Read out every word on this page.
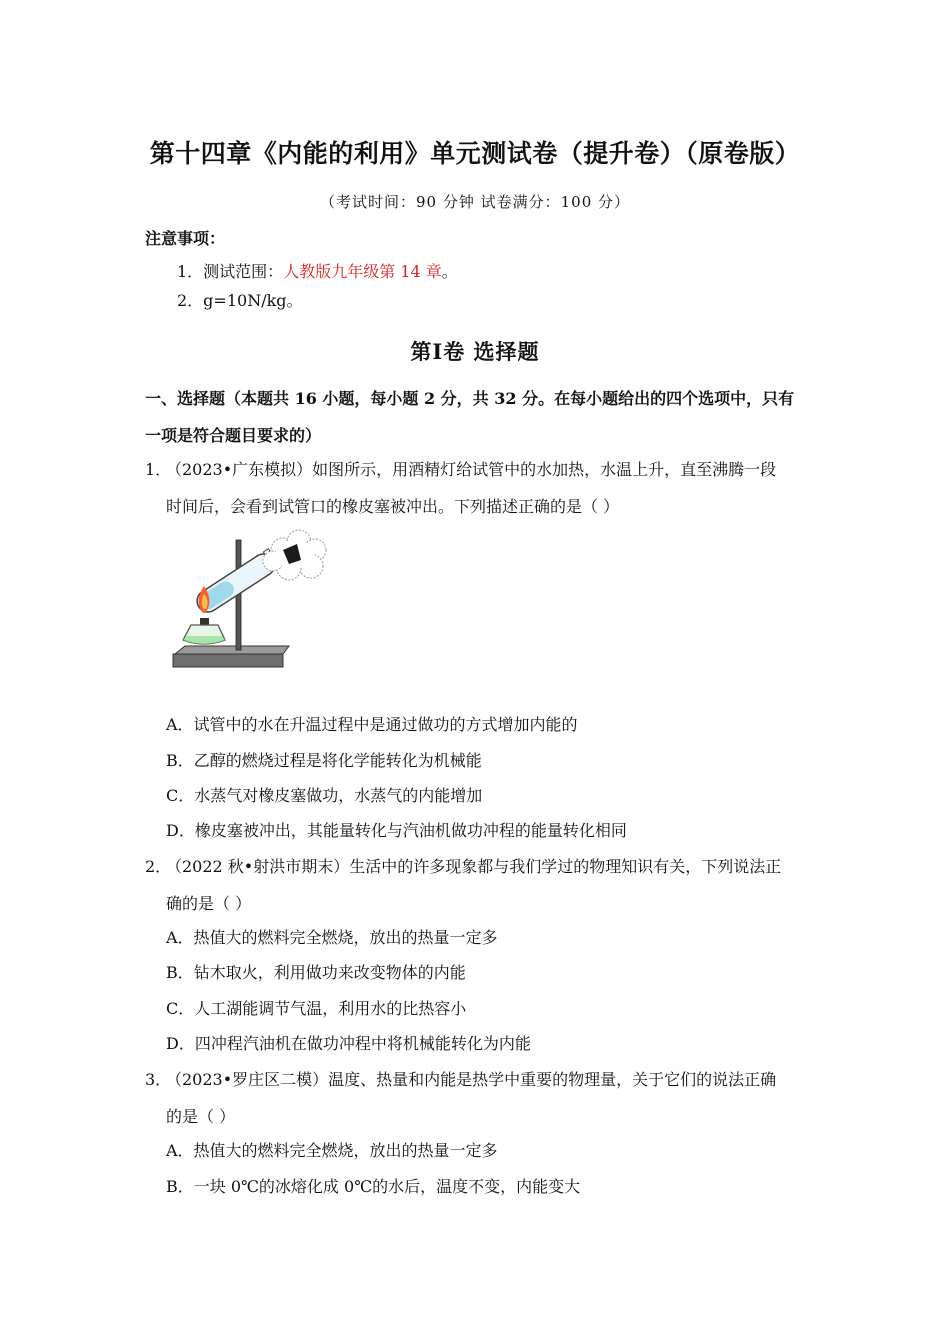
第十四章《内能的利用》单元测试卷（提升卷）（原卷版）
（考试时间：90 分钟 试卷满分：100 分）
注意事项：
1．测试范围：人教版九年级第 14 章。
2．g=10N/kg。
第Ⅰ卷 选择题
一、选择题（本题共 16 小题，每小题 2 分，共 32 分。在每小题给出的四个选项中，只有
一项是符合题目要求的）
1．
（2023•广东模拟）如图所示，用酒精灯给试管中的水加热，水温上升，直至沸腾一段
时间后，会看到试管口的橡皮塞被冲出。下列描述正确的是（ ）
A．试管中的水在升温过程中是通过做功的方式增加内能的
B．乙醇的燃烧过程是将化学能转化为机械能
C．水蒸气对橡皮塞做功，水蒸气的内能增加
D．橡皮塞被冲出，其能量转化与汽油机做功冲程的能量转化相同
2．
（2022 秋•射洪市期末）生活中的许多现象都与我们学过的物理知识有关，下列说法正
确的是（ ）
A．热值大的燃料完全燃烧，放出的热量一定多
B．钻木取火，利用做功来改变物体的内能
C．人工湖能调节气温，利用水的比热容小
D．四冲程汽油机在做功冲程中将机械能转化为内能
3．
（2023•罗庄区二模）温度、热量和内能是热学中重要的物理量，关于它们的说法正确
的是（ ）
A．热值大的燃料完全燃烧，放出的热量一定多
B．一块 0℃的冰熔化成 0℃的水后，温度不变，内能变大
